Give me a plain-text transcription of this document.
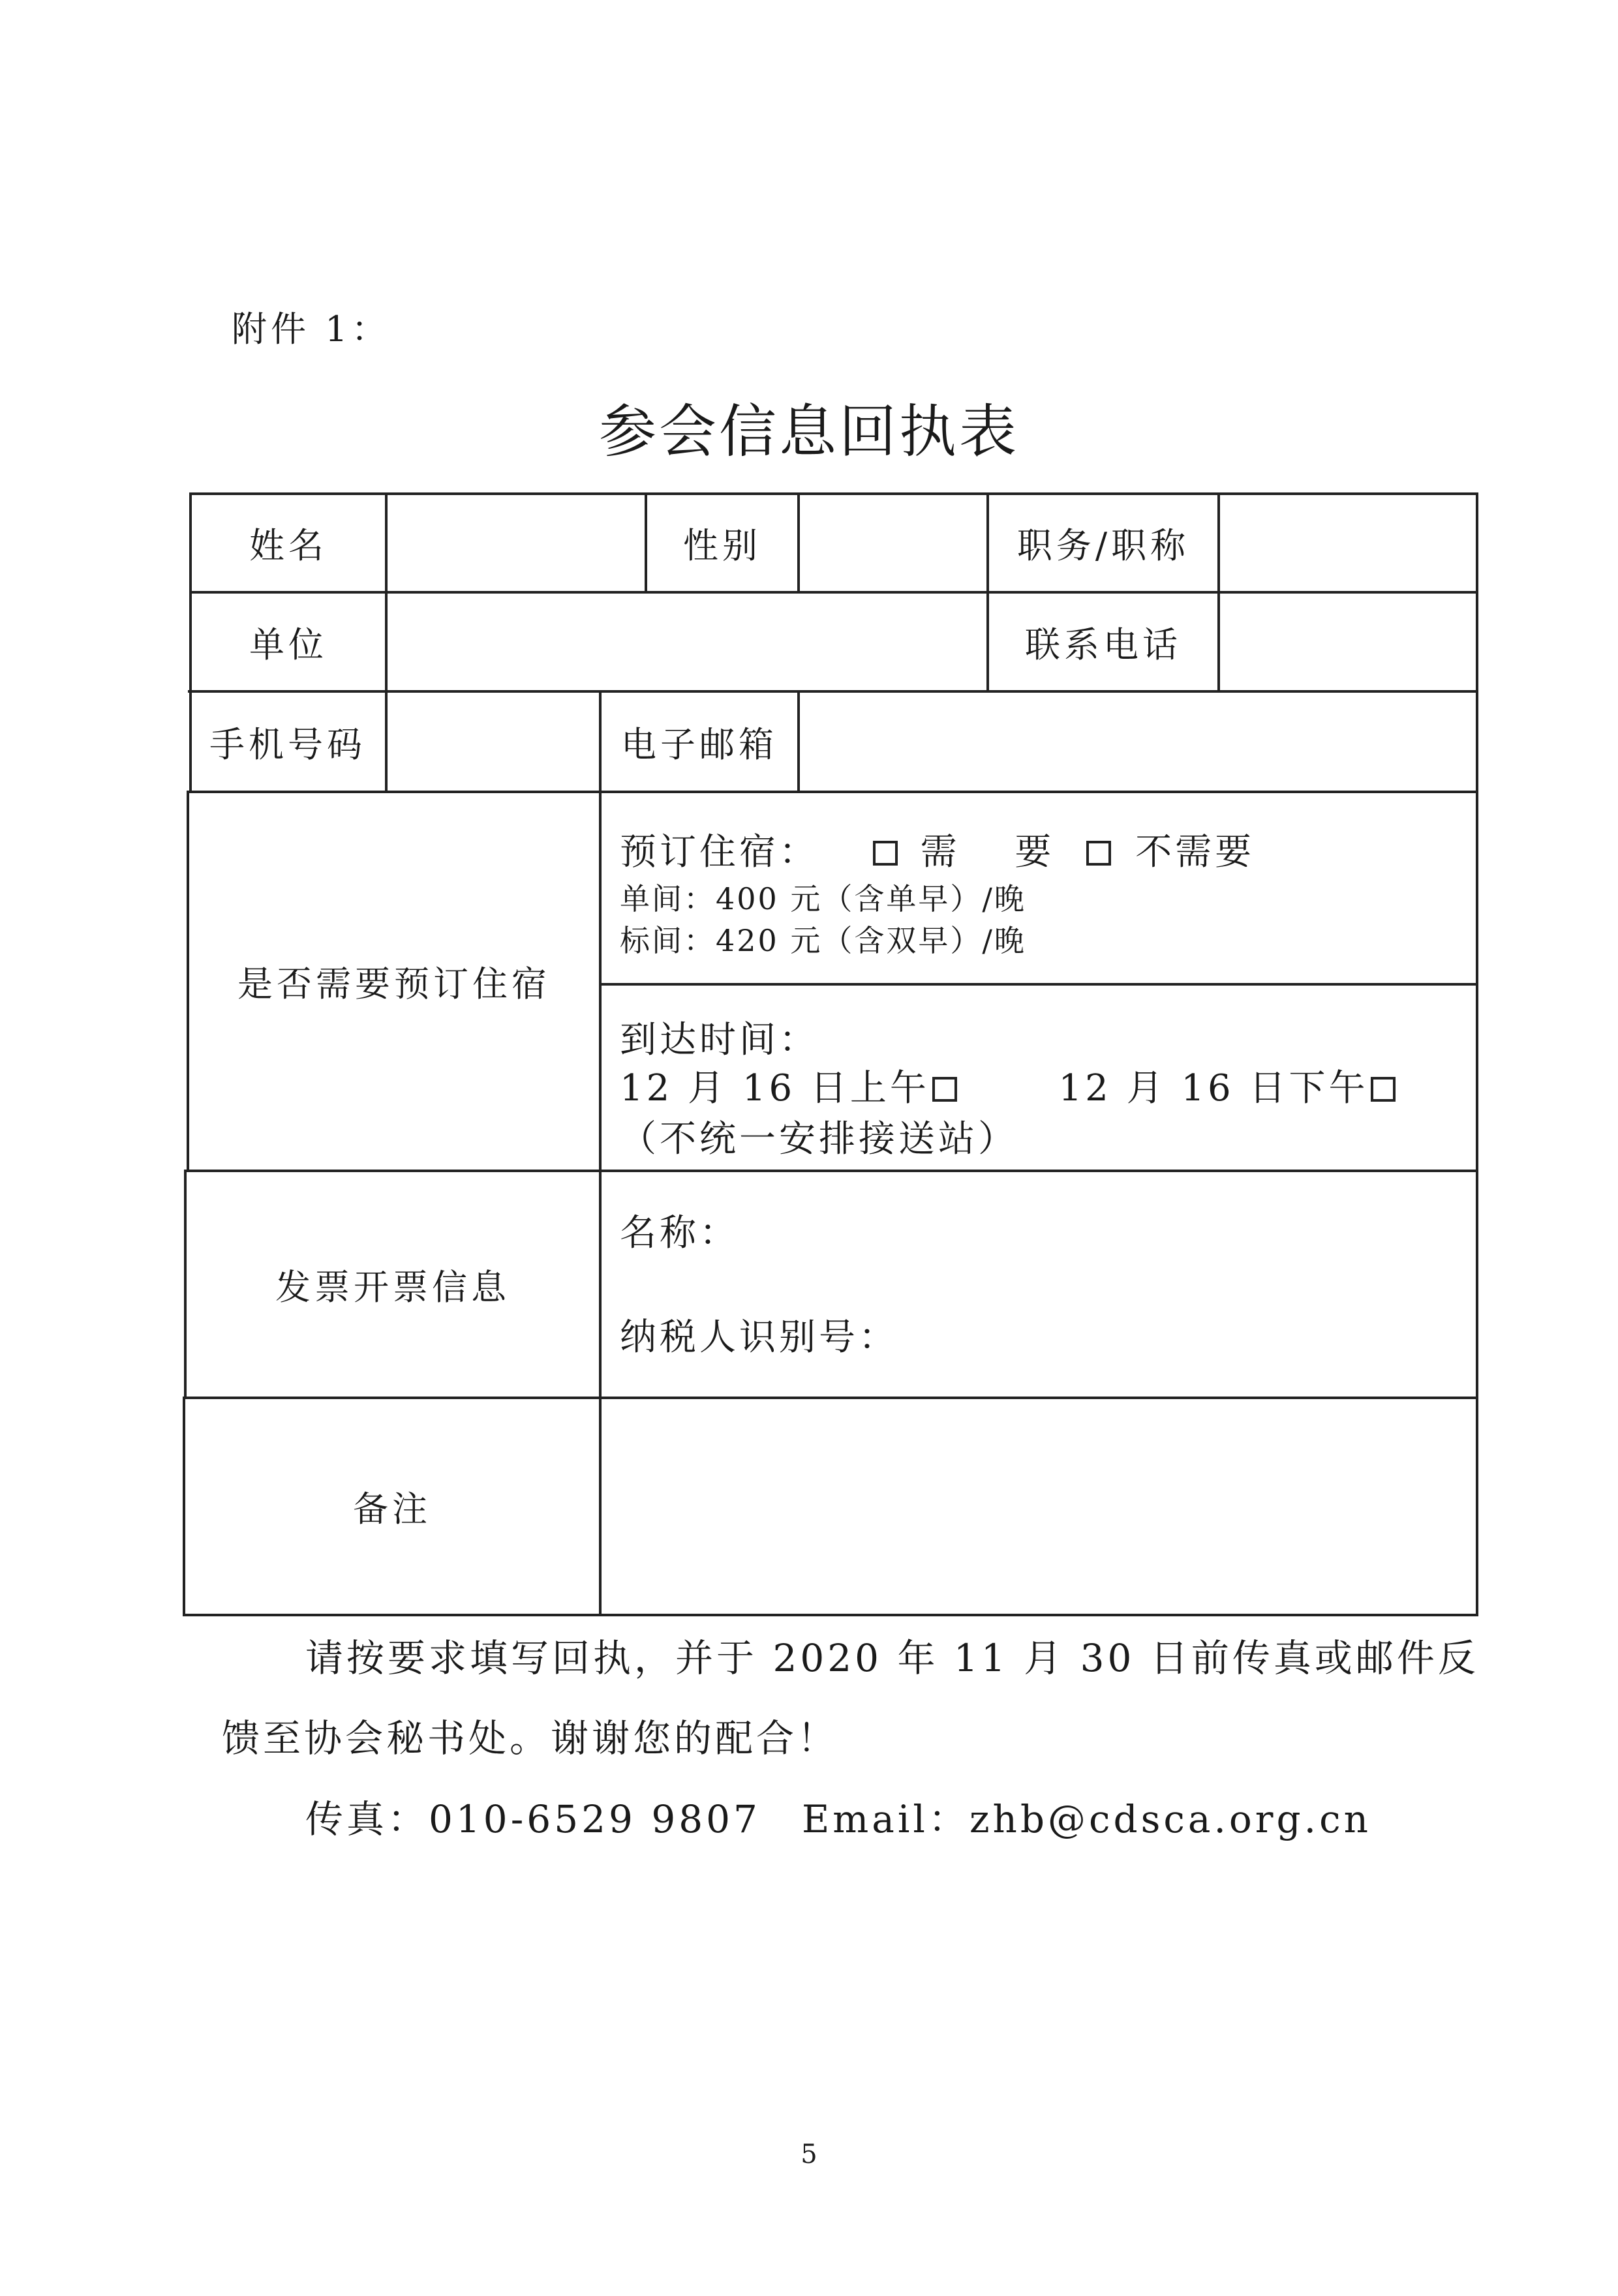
附件 1：
参会信息回执表
姓名	性别	职务/职称
单位	联系电话
手机号码	电子邮箱
是否需要预订住宿
预订住宿：	需　 要 不需要
单间：400 元（含单早）/晚
标间：420 元（含双早）/晚
到达时间：
12 月 16 日上午	12 月 16 日下午
（不统一安排接送站）
发票开票信息
名称：
纳税人识别号：
备注
请按要求填写回执，并于 2020 年 11 月 30 日前传真或邮件反
馈至协会秘书处。谢谢您的配合！
传真：010-6529 9807　Email：zhb@cdsca.org.cn
5
